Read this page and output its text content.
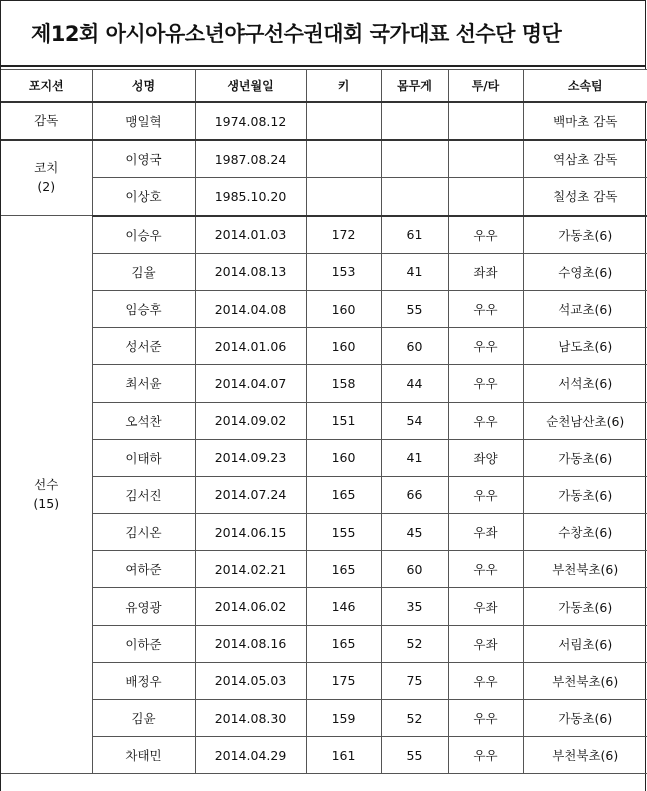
제12회 아시아유소년야구선수권대회 국가대표 선수단 명단
포지션	성명	생년월일	키	몸무게	투/타	소속팀

감독	맹일혁	1974.08.12				백마초 감독

코치
(2)	이영국	1987.08.24				역삼초 감독
	이상호	1985.10.20				칠성초 감독

선수
(15)	이승우	2014.01.03	172	61	우우	가동초(6)
	김율	2014.08.13	153	41	좌좌	수영초(6)
	임승후	2014.04.08	160	55	우우	석교초(6)
	성서준	2014.01.06	160	60	우우	남도초(6)
	최서윤	2014.04.07	158	44	우우	서석초(6)
	오석찬	2014.09.02	151	54	우우	순천남산초(6)
	이태하	2014.09.23	160	41	좌양	가동초(6)
	김서진	2014.07.24	165	66	우우	가동초(6)
	김시온	2014.06.15	155	45	우좌	수창초(6)
	여하준	2014.02.21	165	60	우우	부천북초(6)
	유영광	2014.06.02	146	35	우좌	가동초(6)
	이하준	2014.08.16	165	52	우좌	서림초(6)
	배정우	2014.05.03	175	75	우우	부천북초(6)
	김윤	2014.08.30	159	52	우우	가동초(6)
	차태민	2014.04.29	161	55	우우	부천북초(6)
